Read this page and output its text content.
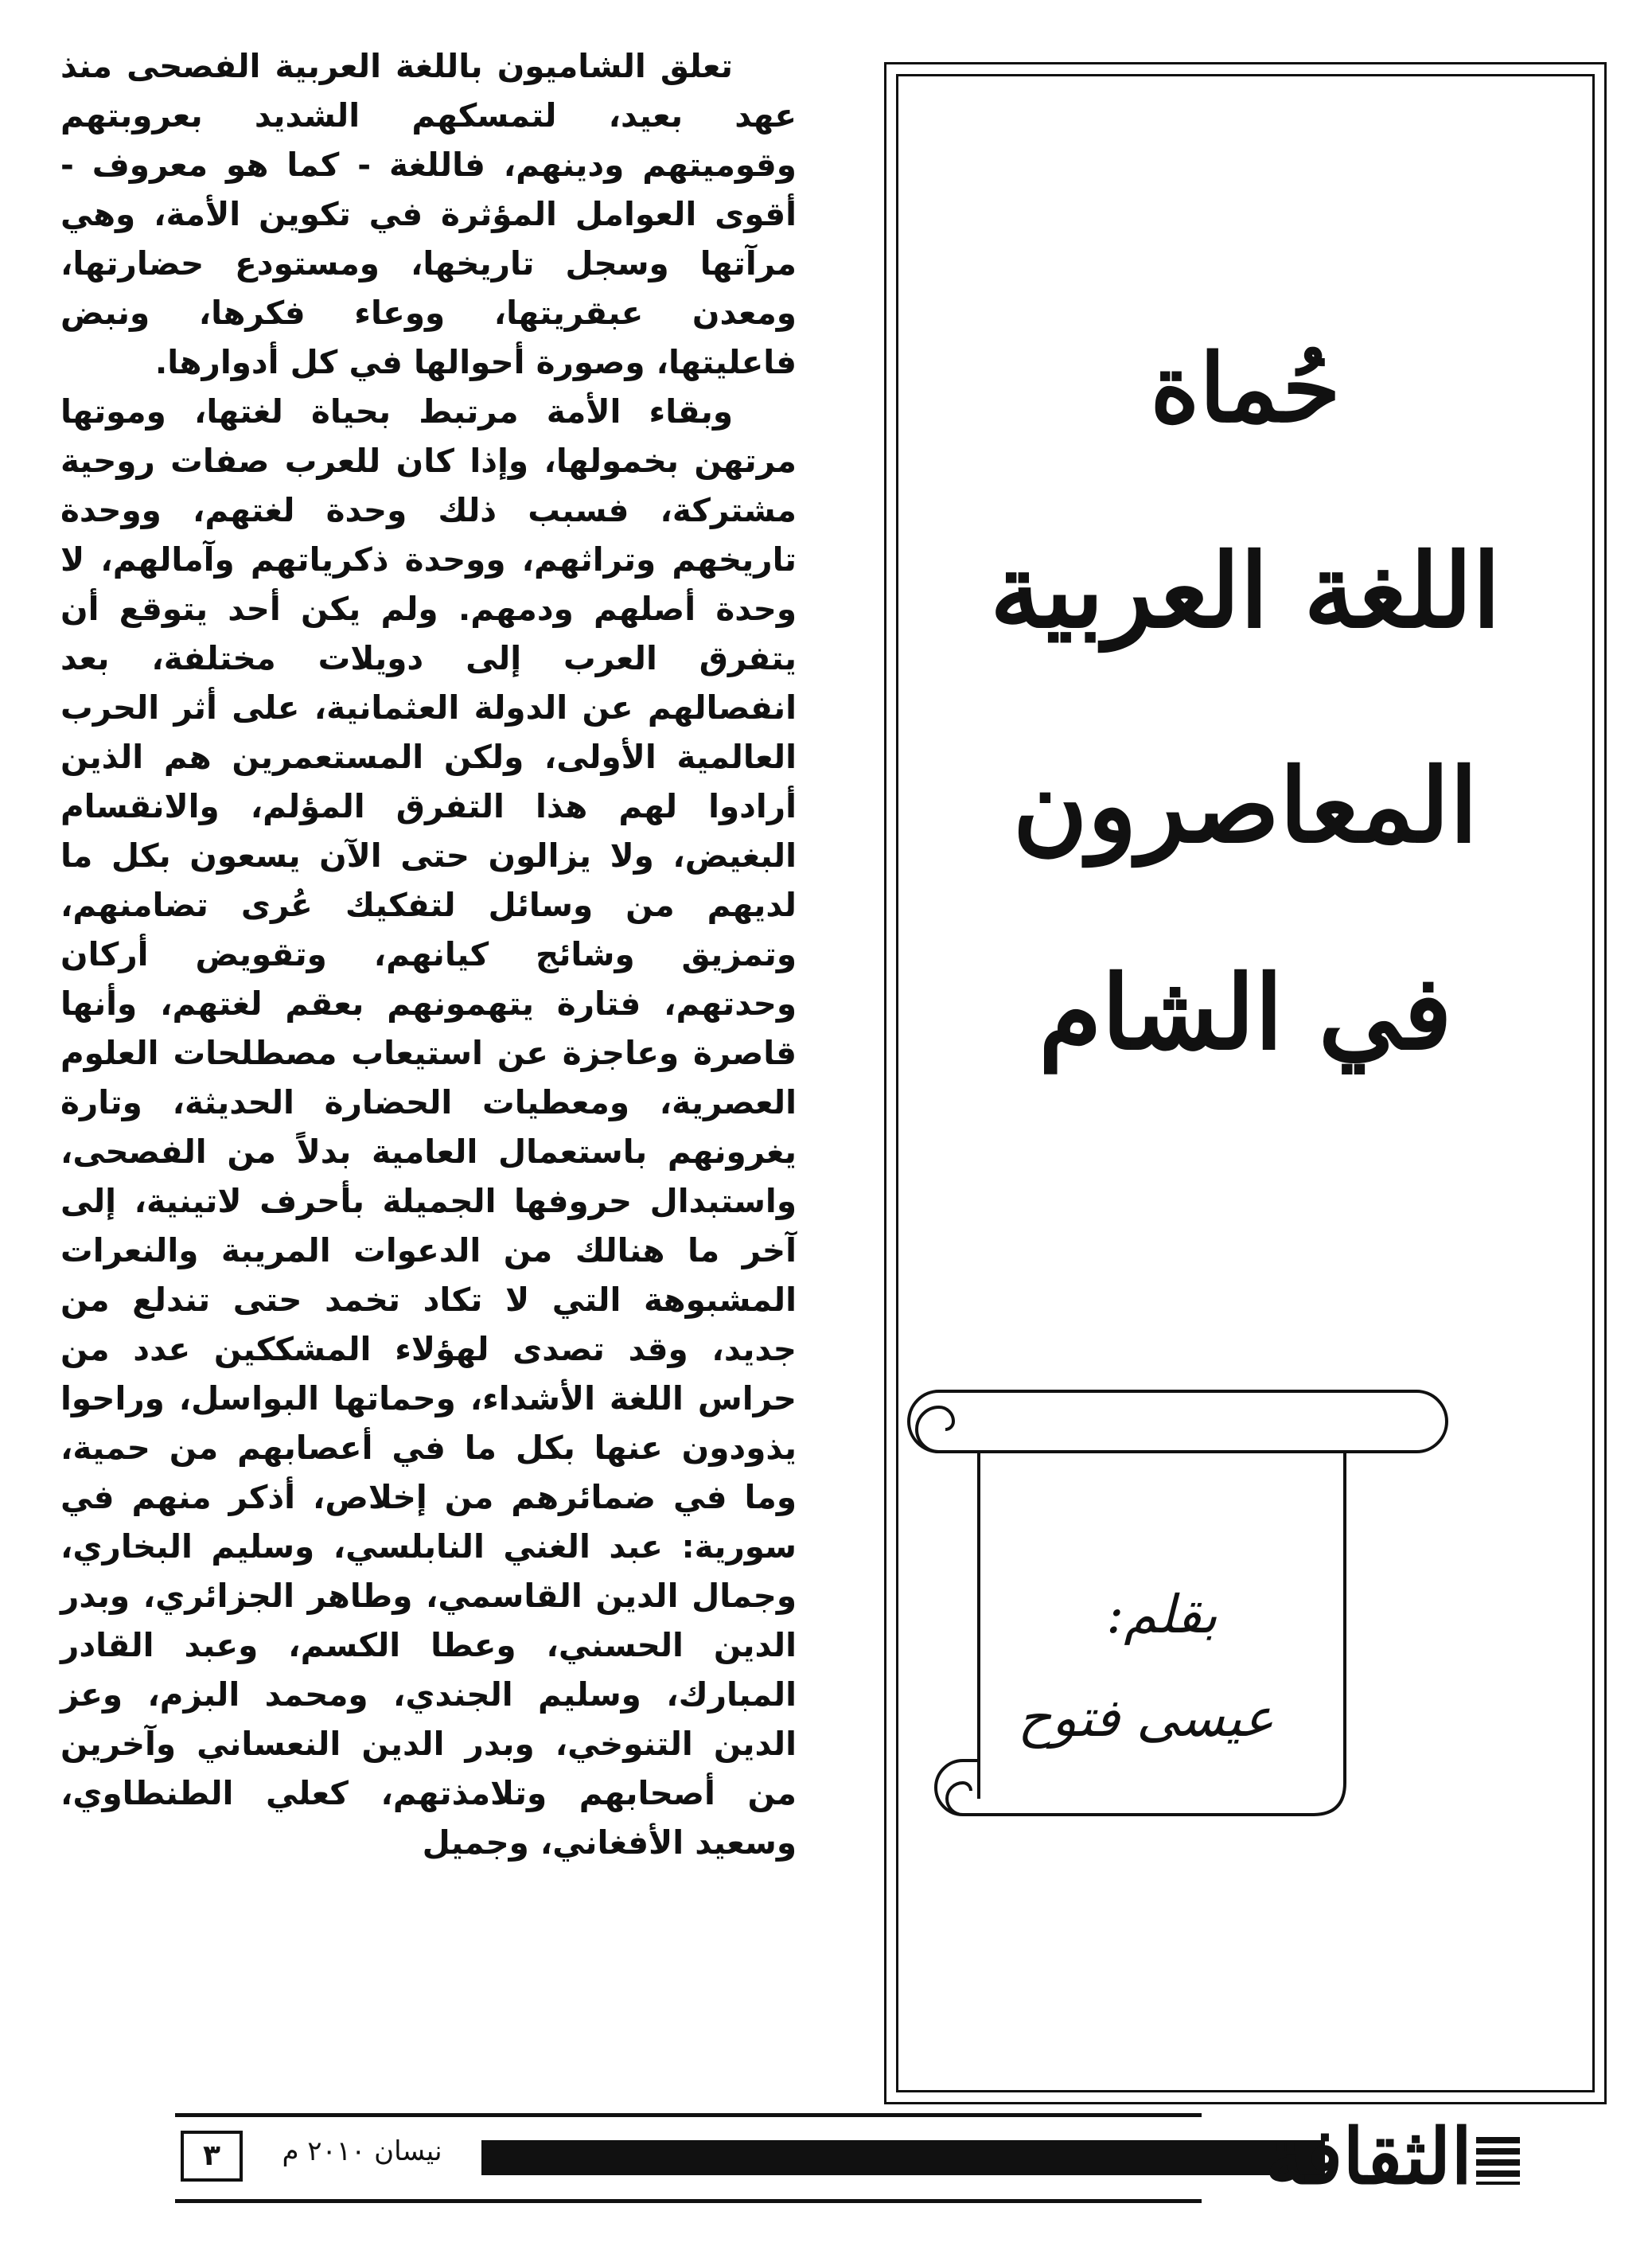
تعلق الشاميون باللغة العربية الفصحى منذ عهد بعيد، لتمسكهم الشديد بعروبتهم وقوميتهم ودينهم، فاللغة - كما هو معروف - أقوى العوامل المؤثرة في تكوين الأمة، وهي مرآتها وسجل تاريخها، ومستودع حضارتها، ومعدن عبقريتها، ووعاء فكرها، ونبض فاعليتها، وصورة أحوالها في كل أدوارها.

وبقاء الأمة مرتبط بحياة لغتها، وموتها مرتهن بخمولها، وإذا كان للعرب صفات روحية مشتركة، فسبب ذلك وحدة لغتهم، ووحدة تاريخهم وتراثهم، ووحدة ذكرياتهم وآمالهم، لا وحدة أصلهم ودمهم. ولم يكن أحد يتوقع أن يتفرق العرب إلى دويلات مختلفة، بعد انفصالهم عن الدولة العثمانية، على أثر الحرب العالمية الأولى، ولكن المستعمرين هم الذين أرادوا لهم هذا التفرق المؤلم، والانقسام البغيض، ولا يزالون حتى الآن يسعون بكل ما لديهم من وسائل لتفكيك عُرى تضامنهم، وتمزيق وشائج كيانهم، وتقويض أركان وحدتهم، فتارة يتهمونهم بعقم لغتهم، وأنها قاصرة وعاجزة عن استيعاب مصطلحات العلوم العصرية، ومعطيات الحضارة الحديثة، وتارة يغرونهم باستعمال العامية بدلاً من الفصحى، واستبدال حروفها الجميلة بأحرف لاتينية، إلى آخر ما هنالك من الدعوات المريبة والنعرات المشبوهة التي لا تكاد تخمد حتى تندلع من جديد، وقد تصدى لهؤلاء المشككين عدد من حراس اللغة الأشداء، وحماتها البواسل، وراحوا يذودون عنها بكل ما في أعصابهم من حمية، وما في ضمائرهم من إخلاص، أذكر منهم في سورية: عبد الغني النابلسي، وسليم البخاري، وجمال الدين القاسمي، وطاهر الجزائري، وبدر الدين الحسني، وعطا الكسم، وعبد القادر المبارك، وسليم الجندي، ومحمد البزم، وعز الدين التنوخي، وبدر الدين النعساني وآخرين من أصحابهم وتلامذتهم، كعلي الطنطاوي، وسعيد الأفغاني، وجميل

حُماة
اللغة العربية
المعاصرون
في الشام
بقلم:
عيسى فتوح
٣	نيسان ٢٠١٠ م	الثقافة
